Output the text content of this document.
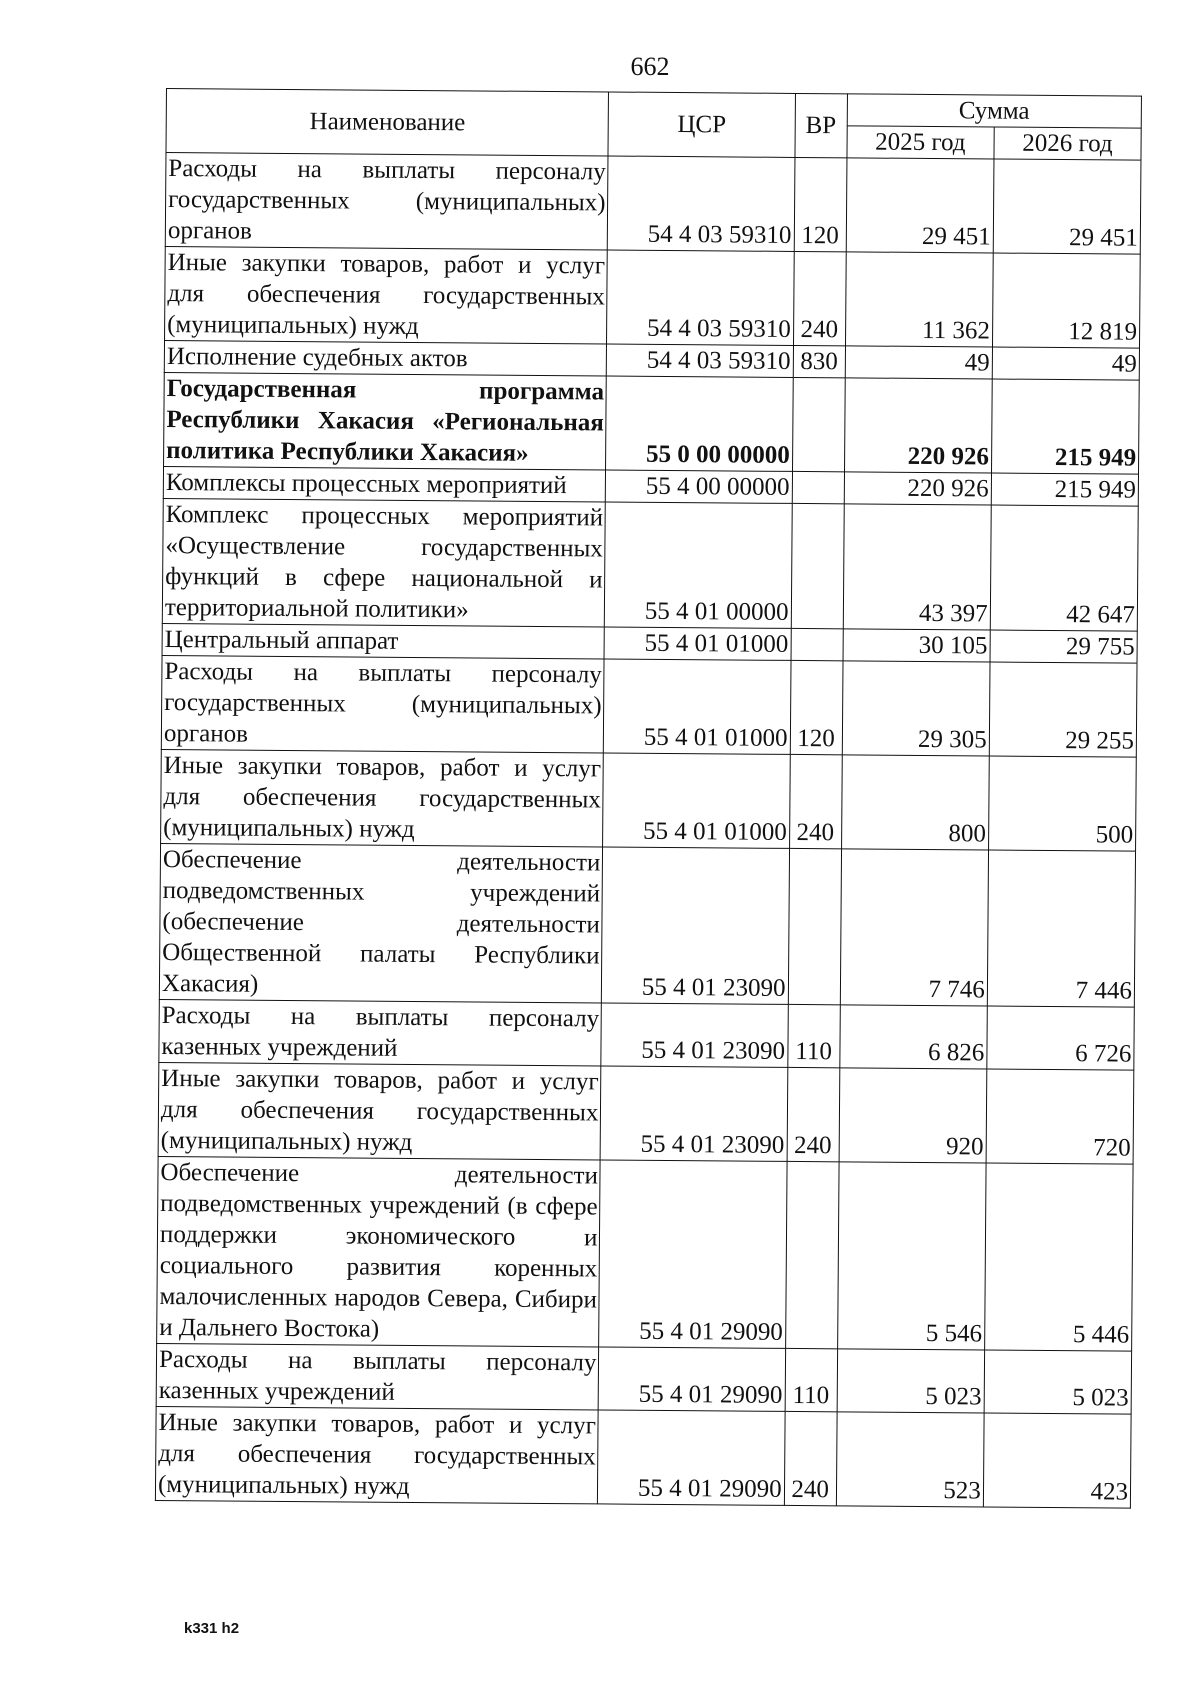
662
Наименование	ЦСР	ВР	Сумма	
			2025 год	2026 год
Расходы на выплаты персоналу государственных (муниципальных) органов	54 4 03 59310	120	29 451	29 451
Иные закупки товаров, работ и услуг для обеспечения государственных (муниципальных) нужд	54 4 03 59310	240	11 362	12 819
Исполнение судебных актов	54 4 03 59310	830	49	49
Государственная программа Республики Хакасия «Региональная политика Республики Хакасия»	55 0 00 00000		220 926	215 949
Комплексы процессных мероприятий	55 4 00 00000		220 926	215 949
Комплекс процессных мероприятий «Осуществление государственных функций в сфере национальной и территориальной политики»	55 4 01 00000		43 397	42 647
Центральный аппарат	55 4 01 01000		30 105	29 755
Расходы на выплаты персоналу государственных (муниципальных) органов	55 4 01 01000	120	29 305	29 255
Иные закупки товаров, работ и услуг для обеспечения государственных (муниципальных) нужд	55 4 01 01000	240	800	500
Обеспечение деятельности подведомственных учреждений (обеспечение деятельности Общественной палаты Республики Хакасия)	55 4 01 23090		7 746	7 446
Расходы на выплаты персоналу казенных учреждений	55 4 01 23090	110	6 826	6 726
Иные закупки товаров, работ и услуг для обеспечения государственных (муниципальных) нужд	55 4 01 23090	240	920	720
Обеспечение деятельности подведомственных учреждений (в сфере поддержки экономического и социального развития коренных малочисленных народов Севера, Сибири и Дальнего Востока)	55 4 01 29090		5 546	5 446
Расходы на выплаты персоналу казенных учреждений	55 4 01 29090	110	5 023	5 023
Иные закупки товаров, работ и услуг для обеспечения государственных (муниципальных) нужд	55 4 01 29090	240	523	423
k331 h2
